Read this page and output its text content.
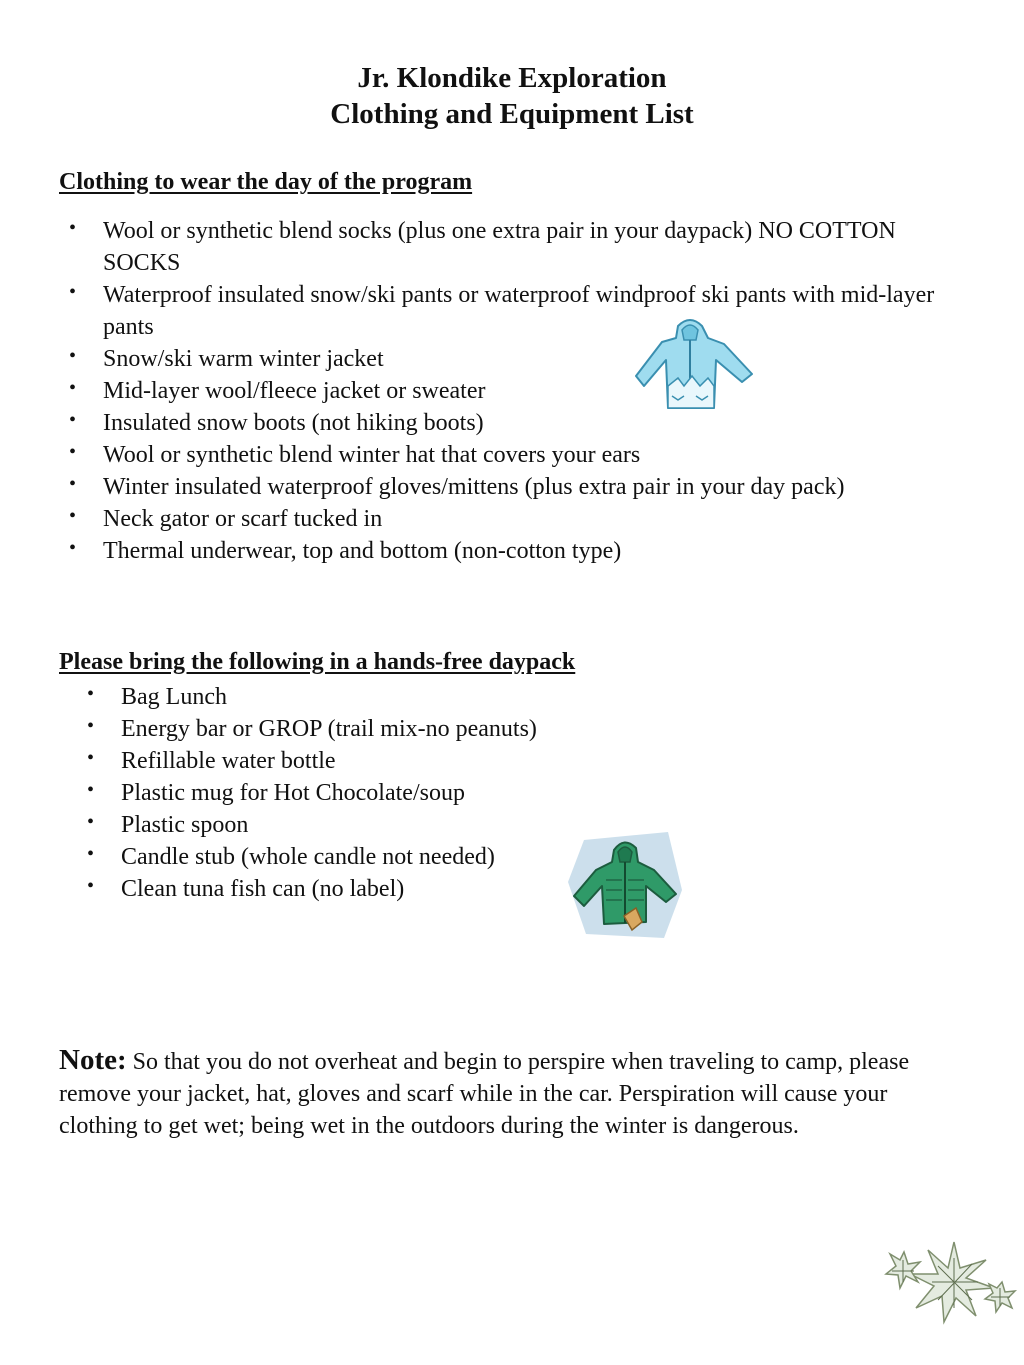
Jr. Klondike Exploration
Clothing and Equipment List
Clothing to wear the day of the program
• Wool or synthetic blend socks (plus one extra pair in your daypack) NO COTTON SOCKS
• Waterproof insulated snow/ski pants or waterproof windproof ski pants with mid-layer pants
• Snow/ski warm winter jacket
• Mid-layer wool/fleece jacket or sweater
• Insulated snow boots (not hiking boots)
• Wool or synthetic blend winter hat that covers your ears
• Winter insulated waterproof gloves/mittens (plus extra pair in your day pack)
• Neck gator or scarf tucked in
• Thermal underwear, top and bottom (non-cotton type)
Please bring the following in a hands-free daypack
• Bag Lunch
• Energy bar or GROP (trail mix-no peanuts)
• Refillable water bottle
• Plastic mug for Hot Chocolate/soup
• Plastic spoon
• Candle stub (whole candle not needed)
• Clean tuna fish can (no label)
Note: So that you do not overheat and begin to perspire when traveling to camp, please remove your jacket, hat, gloves and scarf while in the car. Perspiration will cause your clothing to get wet; being wet in the outdoors during the winter is dangerous.
